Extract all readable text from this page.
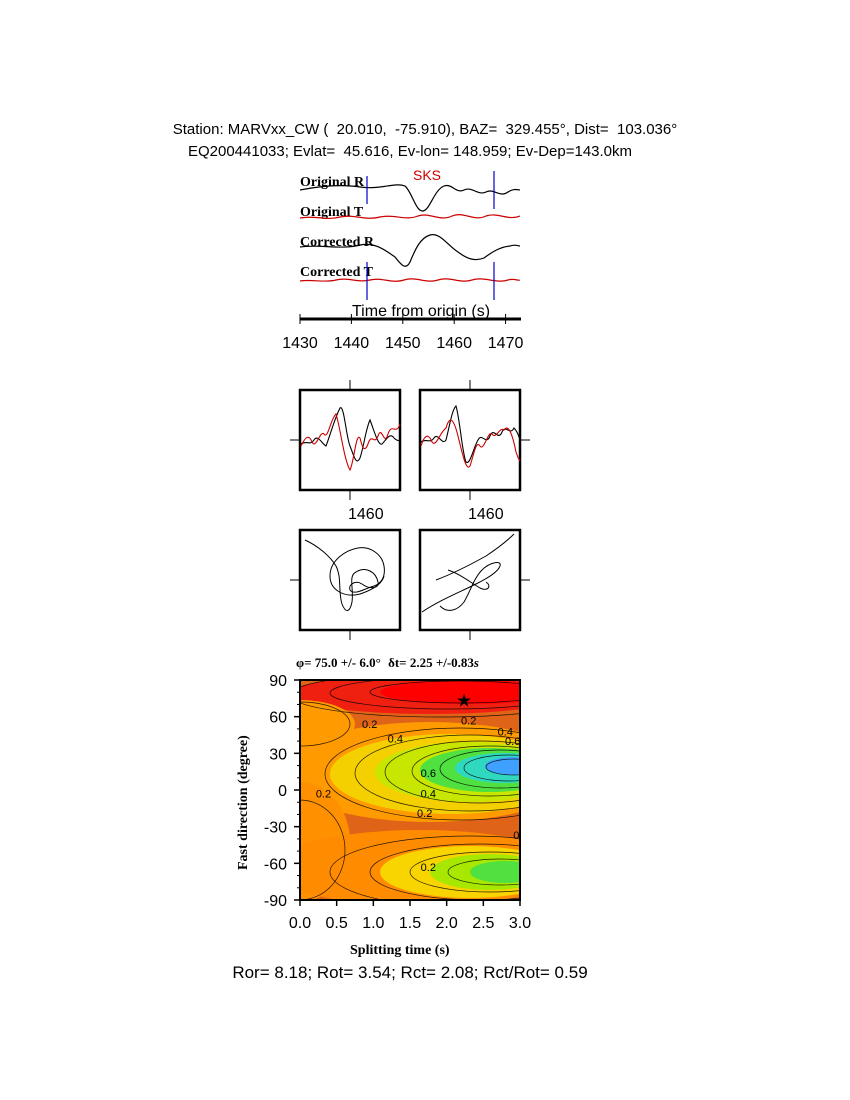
Station: MARVxx_CW (  20.010,  -75.910), BAZ=  329.455°, Dist=  103.036°
EQ200441033; Evlat=  45.616, Ev-lon= 148.959; Ev-Dep=143.0km
SKS
Original R
Original T
Corrected R
Corrected T
Time from origin (s)
1430 1440 1450 1460 1470
1460	1460
φ= 75.0 +/- 6.0° δt= 2.25 +/-0.83s
0.2
0.4
0.2
0.4
0.6
0.6
0.4
0.2
0.2
0
0.2
★
0.0 0.5 1.0 1.5 2.0 2.5 3.0
90
60
30
0
-30
-60
-90
Splitting time (s)
Fast direction (degree)
Ror= 8.18; Rot= 3.54; Rct= 2.08; Rct/Rot= 0.59
